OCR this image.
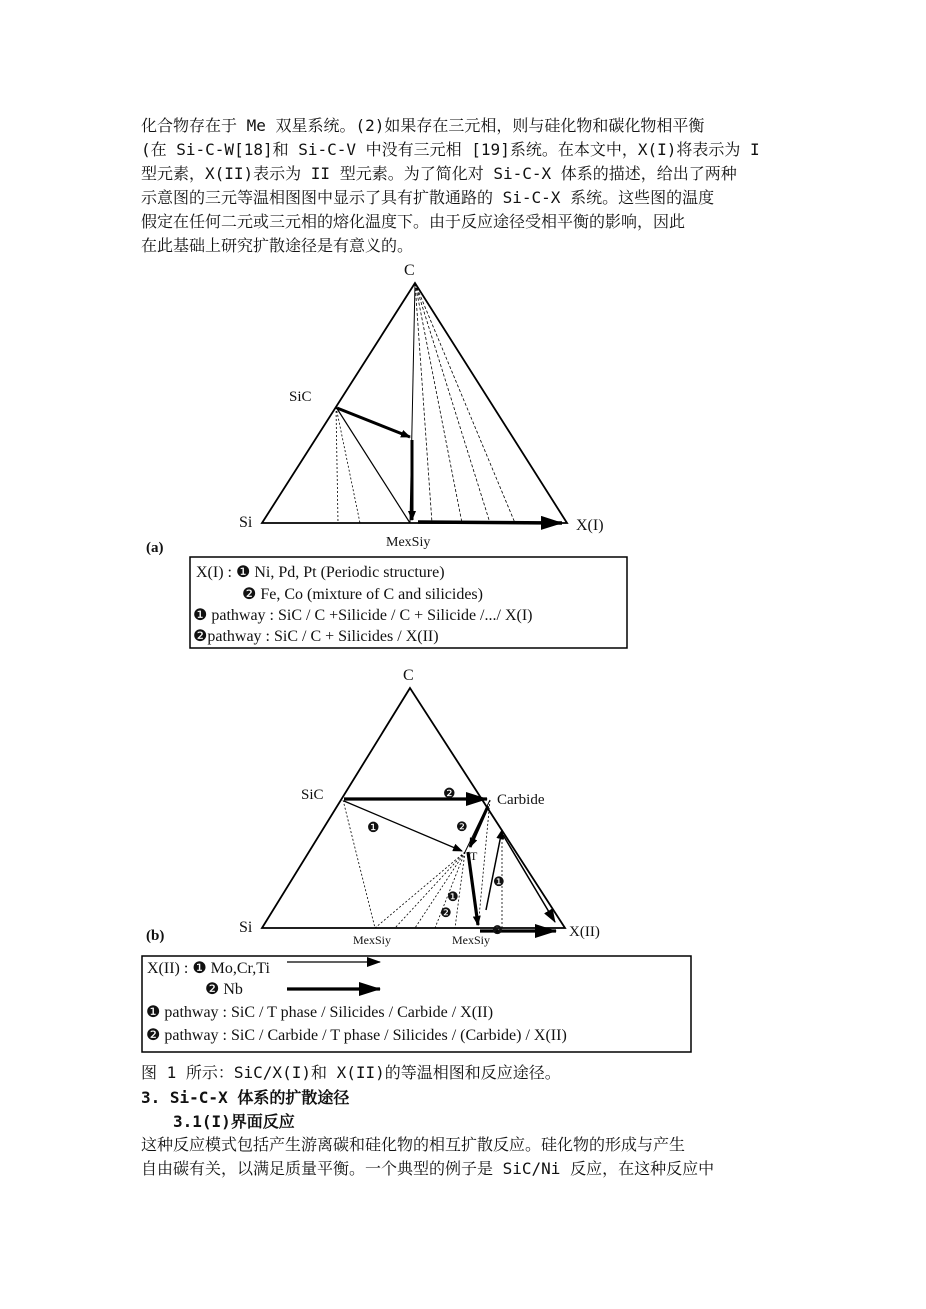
化合物存在于 Me 双星系统。(2)如果存在三元相，则与硅化物和碳化物相平衡

(在 Si-C-W[18]和 Si-C-V 中没有三元相 [19]系统。在本文中，X(I)将表示为 I

型元素，X(II)表示为 II 型元素。为了简化对 Si-C-X 体系的描述，给出了两种

示意图的三元等温相图图中显示了具有扩散通路的 Si-C-X 系统。这些图的温度

假定在任何二元或三元相的熔化温度下。由于反应途径受相平衡的影响，因此

在此基础上研究扩散途径是有意义的。

C
SiC
Si	X(I)
MexSiy
(a)
X(I) : ❶ Ni, Pd, Pt (Periodic structure)
❷ Fe, Co (mixture of C and silicides)
❶ pathway : SiC / C +Silicide / C + Silicide /.../ X(I)
❷pathway : SiC / C + Silicides / X(II)
C
SiC	Carbide
T
Si	X(II)
MexSiy	MexSiy
(b)
❷
❶	❷
❶
❷
❶
❷
X(II) : ❶ Mo,Cr,Ti
❷ Nb
❶ pathway : SiC / T phase / Silicides / Carbide / X(II)
❷ pathway : SiC / Carbide / T phase / Silicides / (Carbide) / X(II)
图 1 所示：SiC/X(I)和 X(II)的等温相图和反应途径。
3. Si-C-X 体系的扩散途径
3.1(I)界面反应

这种反应模式包括产生游离碳和硅化物的相互扩散反应。硅化物的形成与产生

自由碳有关，以满足质量平衡。一个典型的例子是 SiC/Ni 反应，在这种反应中
